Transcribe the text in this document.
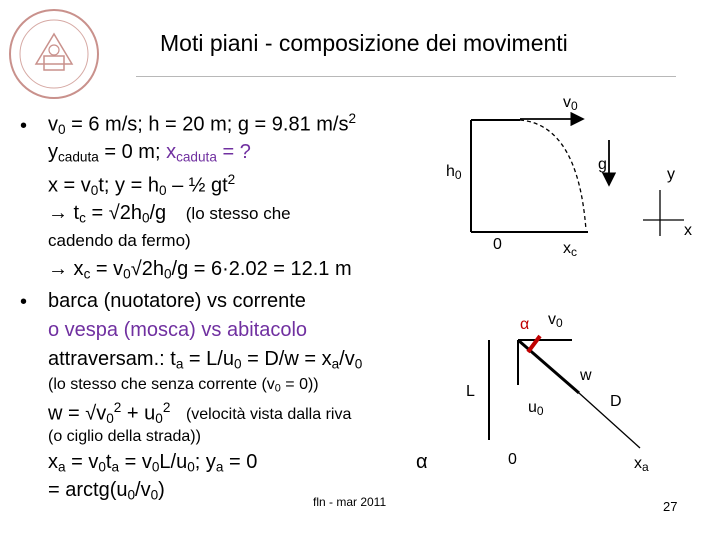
Moti piani - composizione dei movimenti
• $v_0 = 6$ m/s; h = 20 m; g = 9.81 $m/s^2$
$y_{caduta} = 0$ m; $x_{caduta}$ = ?
$x = v_0t$; $y = h_0$ – ½ $gt^2$
→ $t_c = √2h_0/g$ (lo stesso che
cadendo da fermo)
→ $x_c = v_0√2h_0/g = 6\cdot 2.02 = 12.1$ m
• barca (nuotatore) vs corrente
o vespa (mosca) vs abitacolo
attraversam.: $t_a = L/u_0 = D/w = x_a/v_0$
(lo stesso che senza corrente $(v_0 = 0)$)
$w = √v_0^2 + u_0^2$ (velocità vista dalla riva
(o ciglio della strada))
$x_a = v_0t_a = v_0L/u_0$; $y_a = 0$	α
= $arctg(u_0/v_0)$
$v_0$
g
$h_0$	y
x
0	$x_c$
α $v_0$
w
L
$u_0$
D
0	$x_a$
fln - mar 2011	27
